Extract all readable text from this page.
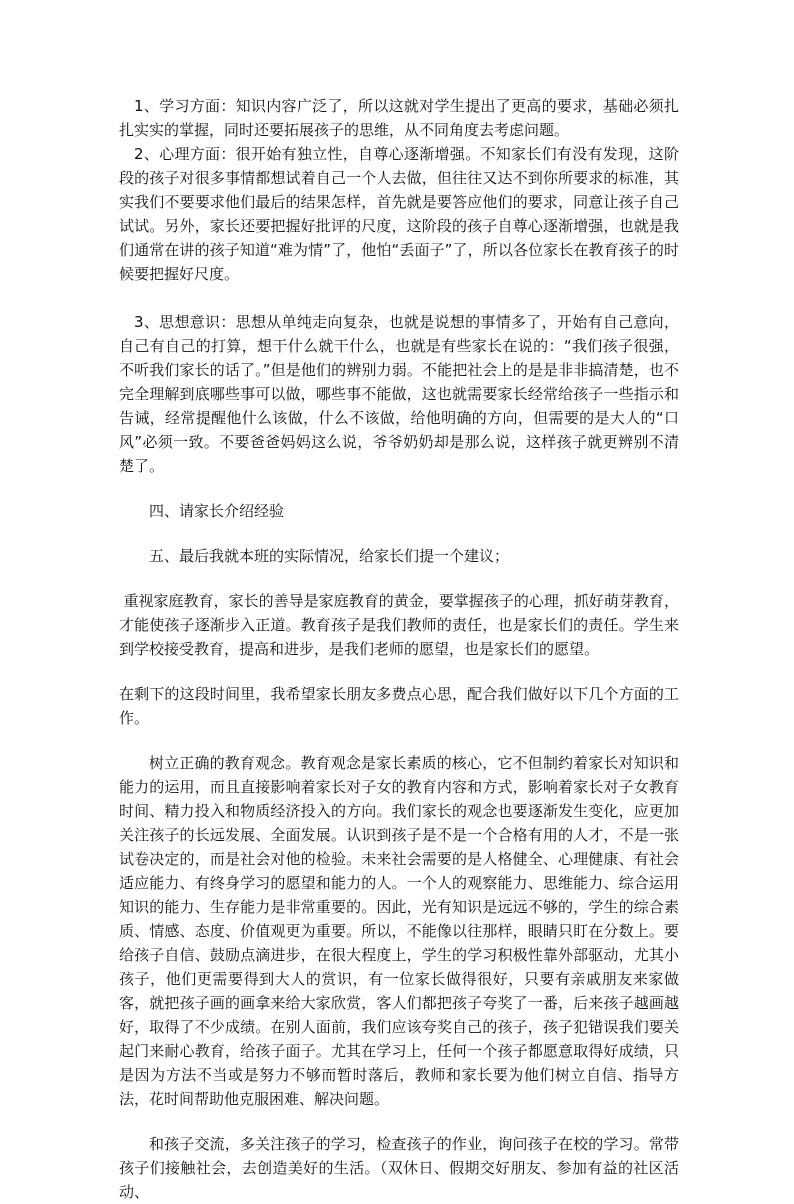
1、学习方面：知识内容广泛了，所以这就对学生提出了更高的要求，基础必须扎扎实实的掌握，同时还要拓展孩子的思维，从不同角度去考虑问题。

2、心理方面：很开始有独立性，自尊心逐渐增强。不知家长们有没有发现，这阶段的孩子对很多事情都想试着自己一个人去做，但往往又达不到你所要求的标准，其实我们不要要求他们最后的结果怎样，首先就是要答应他们的要求，同意让孩子自己试试。另外，家长还要把握好批评的尺度，这阶段的孩子自尊心逐渐增强，也就是我们通常在讲的孩子知道“难为情”了，他怕“丢面子”了，所以各位家长在教育孩子的时候要把握好尺度。

3、思想意识：思想从单纯走向复杂，也就是说想的事情多了，开始有自己意向，自己有自己的打算，想干什么就干什么，也就是有些家长在说的：“我们孩子很强，不听我们家长的话了。”但是他们的辨别力弱。不能把社会上的是是非非搞清楚，也不完全理解到底哪些事可以做，哪些事不能做，这也就需要家长经常给孩子一些指示和告诫，经常提醒他什么该做，什么不该做，给他明确的方向，但需要的是大人的“口风”必须一致。不要爸爸妈妈这么说，爷爷奶奶却是那么说，这样孩子就更辨别不清楚了。

四、请家长介绍经验

五、最后我就本班的实际情况，给家长们提一个建议；

重视家庭教育，家长的善导是家庭教育的黄金，要掌握孩子的心理，抓好萌芽教育，才能使孩子逐渐步入正道。教育孩子是我们教师的责任，也是家长们的责任。学生来到学校接受教育，提高和进步，是我们老师的愿望，也是家长们的愿望。

在剩下的这段时间里，我希望家长朋友多费点心思，配合我们做好以下几个方面的工作。

树立正确的教育观念。教育观念是家长素质的核心，它不但制约着家长对知识和能力的运用，而且直接影响着家长对子女的教育内容和方式，影响着家长对子女教育时间、精力投入和物质经济投入的方向。我们家长的观念也要逐渐发生变化，应更加关注孩子的长远发展、全面发展。认识到孩子是不是一个合格有用的人才，不是一张试卷决定的，而是社会对他的检验。未来社会需要的是人格健全、心理健康、有社会适应能力、有终身学习的愿望和能力的人。一个人的观察能力、思维能力、综合运用知识的能力、生存能力是非常重要的。因此，光有知识是远远不够的，学生的综合素质、情感、态度、价值观更为重要。所以，不能像以往那样，眼睛只盯在分数上。要给孩子自信、鼓励点滴进步，在很大程度上，学生的学习积极性靠外部驱动，尤其小孩子，他们更需要得到大人的赏识，有一位家长做得很好，只要有亲戚朋友来家做客，就把孩子画的画拿来给大家欣赏，客人们都把孩子夸奖了一番，后来孩子越画越好，取得了不少成绩。在别人面前，我们应该夸奖自己的孩子，孩子犯错误我们要关起门来耐心教育，给孩子面子。尤其在学习上，任何一个孩子都愿意取得好成绩，只是因为方法不当或是努力不够而暂时落后，教师和家长要为他们树立自信、指导方法，花时间帮助他克服困难、解决问题。

和孩子交流，多关注孩子的学习，检查孩子的作业，询问孩子在校的学习。常带孩子们接触社会，去创造美好的生活。（双休日、假期交好朋友、参加有益的社区活动、
